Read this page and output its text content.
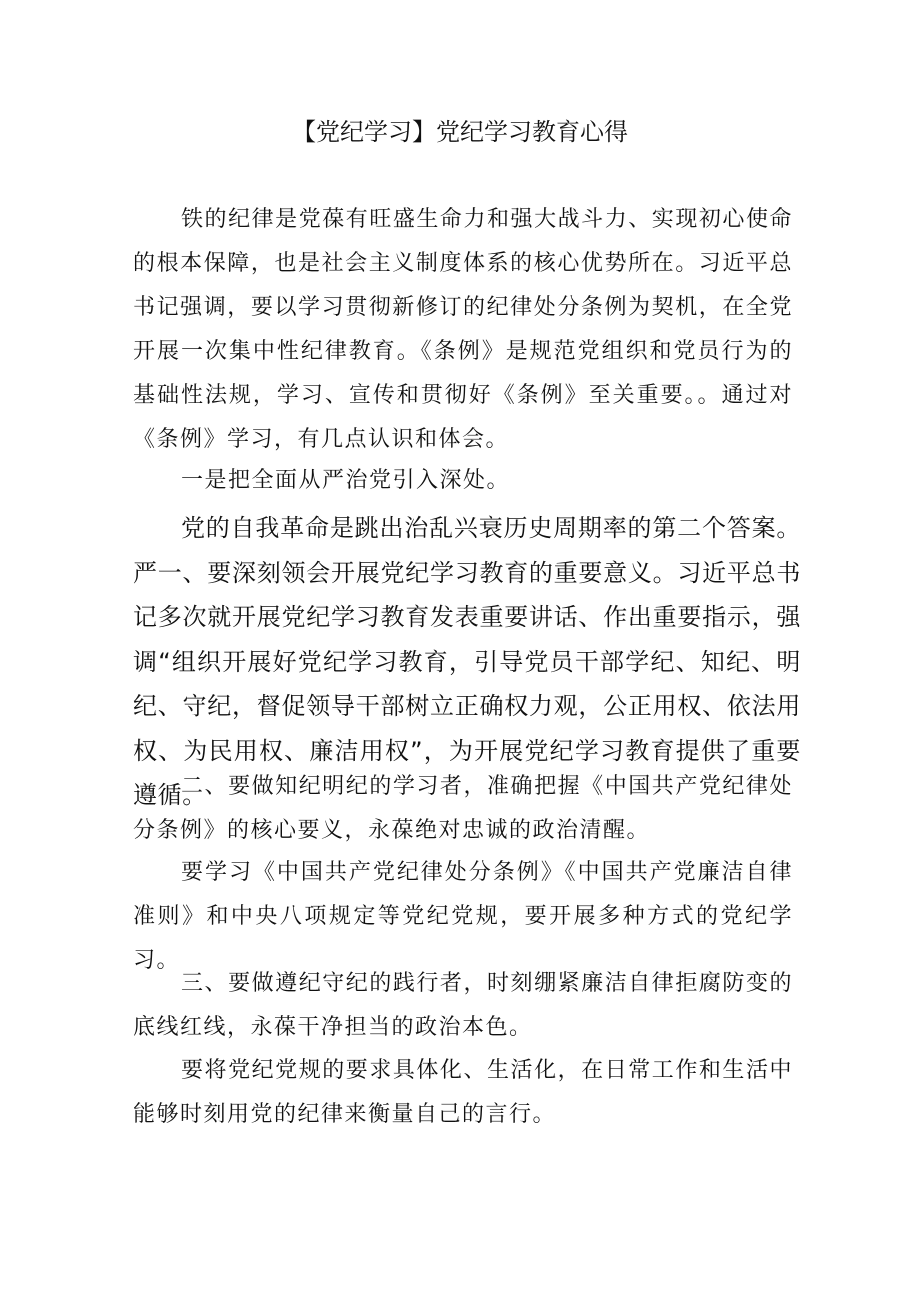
【党纪学习】党纪学习教育心得

铁的纪律是党葆有旺盛生命力和强大战斗力、实现初心使命的根本保障，也是社会主义制度体系的核心优势所在。习近平总书记强调，要以学习贯彻新修订的纪律处分条例为契机，在全党开展一次集中性纪律教育。《条例》是规范党组织和党员行为的基础性法规，学习、宣传和贯彻好《条例》至关重要。。通过对《条例》学习，有几点认识和体会。

一是把全面从严治党引入深处。

党的自我革命是跳出治乱兴衰历史周期率的第二个答案。严一、要深刻领会开展党纪学习教育的重要意义。习近平总书记多次就开展党纪学习教育发表重要讲话、作出重要指示，强调“组织开展好党纪学习教育，引导党员干部学纪、知纪、明纪、守纪，督促领导干部树立正确权力观，公正用权、依法用权、为民用权、廉洁用权”，为开展党纪学习教育提供了重要遵循。

二、要做知纪明纪的学习者，准确把握《中国共产党纪律处分条例》的核心要义，永葆绝对忠诚的政治清醒。

要学习《中国共产党纪律处分条例》《中国共产党廉洁自律准则》和中央八项规定等党纪党规，要开展多种方式的党纪学习。

三、要做遵纪守纪的践行者，时刻绷紧廉洁自律拒腐防变的底线红线，永葆干净担当的政治本色。

要将党纪党规的要求具体化、生活化，在日常工作和生活中能够时刻用党的纪律来衡量自己的言行。
